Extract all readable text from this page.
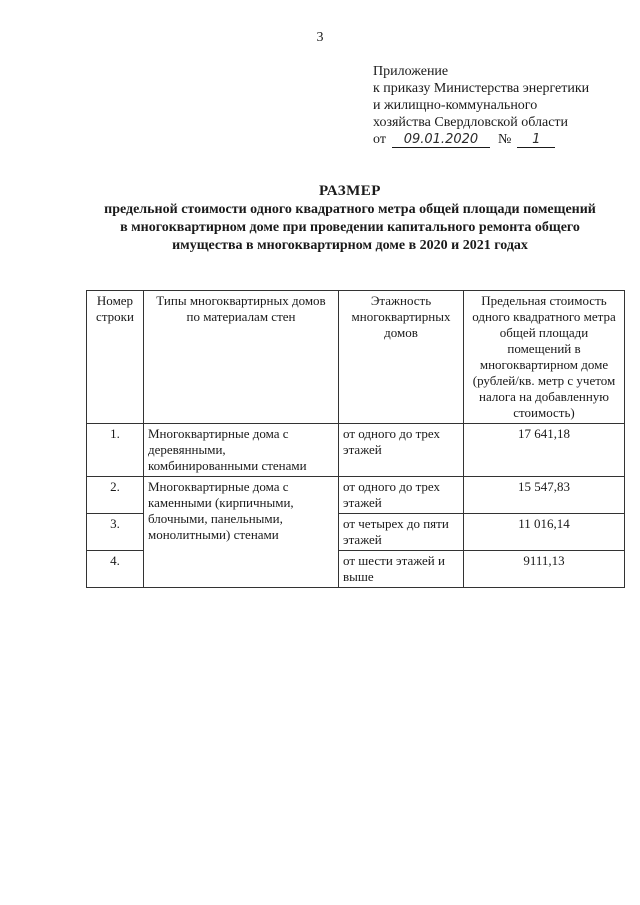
3
Приложение
к приказу Министерства энергетики
и жилищно-коммунального
хозяйства Свердловской области
от	09.01.2020	№	1
РАЗМЕР
предельной стоимости одного квадратного метра общей площади помещений
в многоквартирном доме при проведении капитального ремонта общего
имущества в многоквартирном доме в 2020 и 2021 годах
Номер строки	Типы многоквартирных домов по материалам стен	Этажность многоквартирных домов	Предельная стоимость одного квадратного метра общей площади помещений в многоквартирном доме (рублей/кв. метр с учетом налога на добавленную стоимость)
1.	Многоквартирные дома с деревянными, комбинированными стенами	от одного до трех этажей	17 641,18
2.	Многоквартирные дома с каменными (кирпичными, блочными, панельными, монолитными) стенами	от одного до трех этажей	15 547,83
3.		от четырех до пяти этажей	11 016,14
4.		от шести этажей и выше	9111,13
